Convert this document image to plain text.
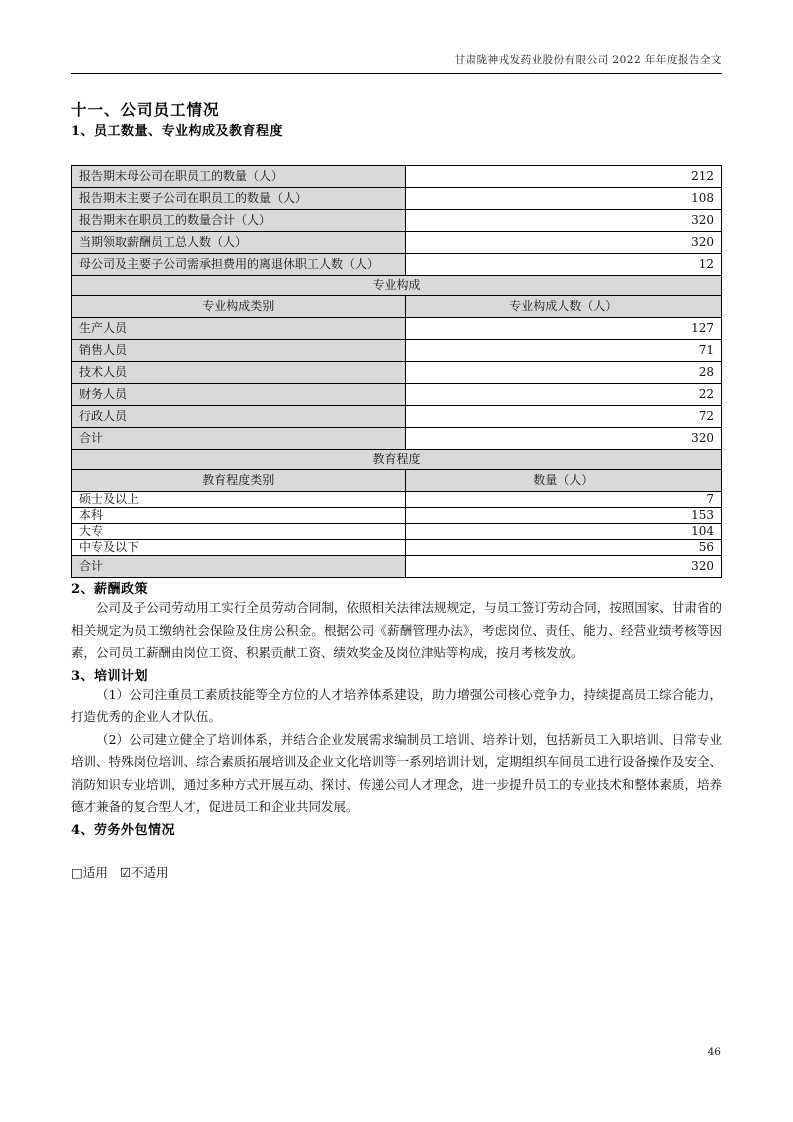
甘肃陇神戎发药业股份有限公司 2022 年年度报告全文
十一、公司员工情况
1、员工数量、专业构成及教育程度
报告期末母公司在职员工的数量（人）	212
报告期末主要子公司在职员工的数量（人）	108
报告期末在职员工的数量合计（人）	320
当期领取薪酬员工总人数（人）	320
母公司及主要子公司需承担费用的离退休职工人数（人）	12
专业构成	
专业构成类别	专业构成人数（人）
生产人员	127
销售人员	71
技术人员	28
财务人员	22
行政人员	72
合计	320
教育程度	
教育程度类别	数量（人）
硕士及以上	7
本科	153
大专	104
中专及以下	56
合计	320
2、薪酬政策

公司及子公司劳动用工实行全员劳动合同制，依照相关法律法规规定，与员工签订劳动合同，按照国家、甘肃省的相关规定为员工缴纳社会保险及住房公积金。根据公司《薪酬管理办法》，考虑岗位、责任、能力、经营业绩考核等因素，公司员工薪酬由岗位工资、积累贡献工资、绩效奖金及岗位津贴等构成，按月考核发放。

3、培训计划

（1）公司注重员工素质技能等全方位的人才培养体系建设，助力增强公司核心竞争力，持续提高员工综合能力，打造优秀的企业人才队伍。

（2）公司建立健全了培训体系，并结合企业发展需求编制员工培训、培养计划，包括新员工入职培训、日常专业培训、特殊岗位培训、综合素质拓展培训及企业文化培训等一系列培训计划，定期组织车间员工进行设备操作及安全、消防知识专业培训，通过多种方式开展互动、探讨、传递公司人才理念，进一步提升员工的专业技术和整体素质，培养德才兼备的复合型人才，促进员工和企业共同发展。

4、劳务外包情况
□适用 ☑不适用
46
